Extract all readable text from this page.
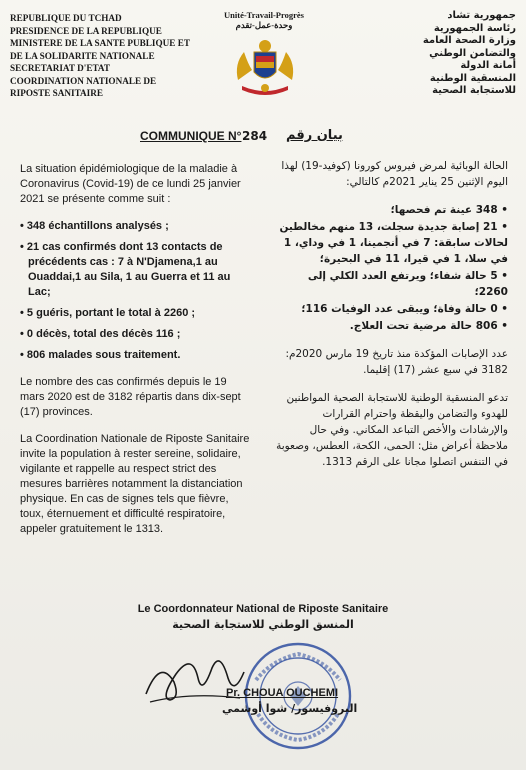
REPUBLIQUE DU TCHAD
PRESIDENCE DE LA REPUBLIQUE
MINISTERE DE LA SANTE PUBLIQUE ET
DE LA SOLIDARITE NATIONALE
SECRETARIAT D'ETAT
COORDINATION NATIONALE DE
RIPOSTE SANITAIRE
Unité-Travail-Progrès
وحدة-عمل-تقدم
جمهورية تشاد
رئاسة الجمهورية
وزارة الصحة العامة
والتضامن الوطني
أمانة الدولة
المنسقية الوطنية
للاستجابة الصحية
COMMUNIQUE N° 284 بيان رقم

La situation épidémiologique de la maladie à Coronavirus (Covid-19) de ce lundi 25 janvier 2021 se présente comme suit :

• 348 échantillons analysés ;
• 21 cas confirmés dont 13 contacts de précédents cas : 7 à N'Djamena,1 au Ouaddai,1 au Sila, 1 au Guerra et 11 au Lac;
• 5 guéris, portant le total à 2260 ;
• 0 décès, total des décès 116 ;
• 806 malades sous traitement.

Le nombre des cas confirmés depuis le 19 mars 2020 est de 3182 répartis dans dix-sept (17) provinces.

La Coordination Nationale de Riposte Sanitaire invite la population à rester sereine, solidaire, vigilante et rappelle au respect strict des mesures barrières notamment la distanciation physique. En cas de signes tels que fièvre, toux, éternuement et difficulté respiratoire, appeler gratuitement le 1313.

الحالة الوبائية لمرض فيروس كورونا (كوفيد-19) لهذا اليوم الإثنين 25 يناير 2021م كالتالي:

• 348 عينة تم فحصها؛
• 21 إصابة جديدة سجلت، 13 منهم مخالطين لحالات سابقة: 7 في أنجمينا، 1 في وداي، 1 في سلا، 1 في قيرا، 11 في البحيرة؛
• 5 حالة شفاء؛ ويرتفع العدد الكلي إلى 2260؛
• 0 حالة وفاة؛ ويبقى عدد الوفيات 116؛
• 806 حالة مرضية تحت العلاج.

عدد الإصابات المؤكدة منذ تاريخ 19 مارس 2020م: 3182 في سبع عشر (17) إقليما.

تدعو المنسقية الوطنية للاستجابة الصحية المواطنين للهدوء والتضامن واليقظة واحترام القرارات والإرشادات والأخص التباعد المكاني. وفي حال ملاحظة أعراض مثل: الحمى، الكحة، العطس، وصعوبة في التنفس اتصلوا مجانا على الرقم 1313.

Le Coordonnateur National de Riposte Sanitaire
المنسق الوطني للاستجابة الصحية
Pr. CHOUA OUCHEMI
البروفيسور/ شوا أوشمي
